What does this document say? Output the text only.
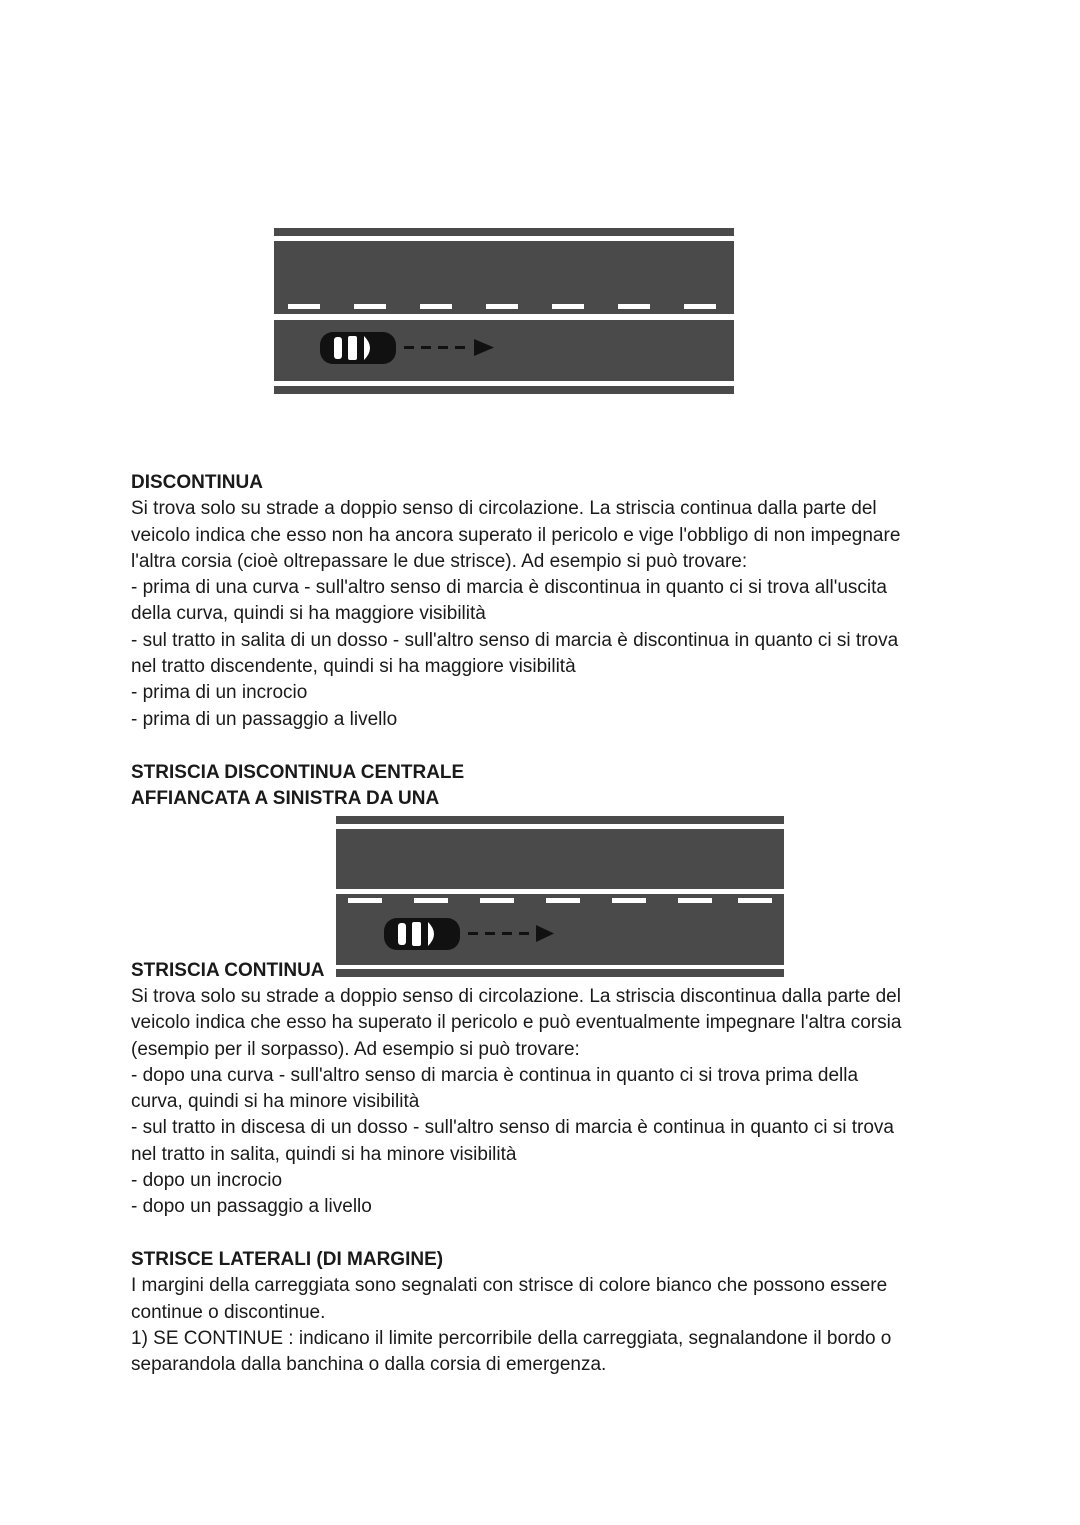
DISCONTINUA
Si trova solo su strade a doppio senso di circolazione. La striscia continua dalla parte del
veicolo indica che esso non ha ancora superato il pericolo e vige l'obbligo di non impegnare
l'altra corsia (cioè oltrepassare le due strisce). Ad esempio si può trovare:
- prima di una curva - sull'altro senso di marcia è discontinua in quanto ci si trova all'uscita
della curva, quindi si ha maggiore visibilità
- sul tratto in salita di un dosso - sull'altro senso di marcia è discontinua in quanto ci si trova
nel tratto discendente, quindi si ha maggiore visibilità
- prima di un incrocio
- prima di un passaggio a livello
STRISCIA DISCONTINUA CENTRALE
AFFIANCATA A SINISTRA DA UNA
STRISCIA CONTINUA
Si trova solo su strade a doppio senso di circolazione. La striscia discontinua dalla parte del
veicolo indica che esso ha superato il pericolo e può eventualmente impegnare l'altra corsia
(esempio per il sorpasso). Ad esempio si può trovare:
- dopo una curva - sull'altro senso di marcia è continua in quanto ci si trova prima della
curva, quindi si ha minore visibilità
- sul tratto in discesa di un dosso - sull'altro senso di marcia è continua in quanto ci si trova
nel tratto in salita, quindi si ha minore visibilità
- dopo un incrocio
- dopo un passaggio a livello
STRISCE LATERALI (DI MARGINE)
I margini della carreggiata sono segnalati con strisce di colore bianco che possono essere
continue o discontinue.
1) SE CONTINUE : indicano il limite percorribile della carreggiata, segnalandone il bordo o
separandola dalla banchina o dalla corsia di emergenza.
